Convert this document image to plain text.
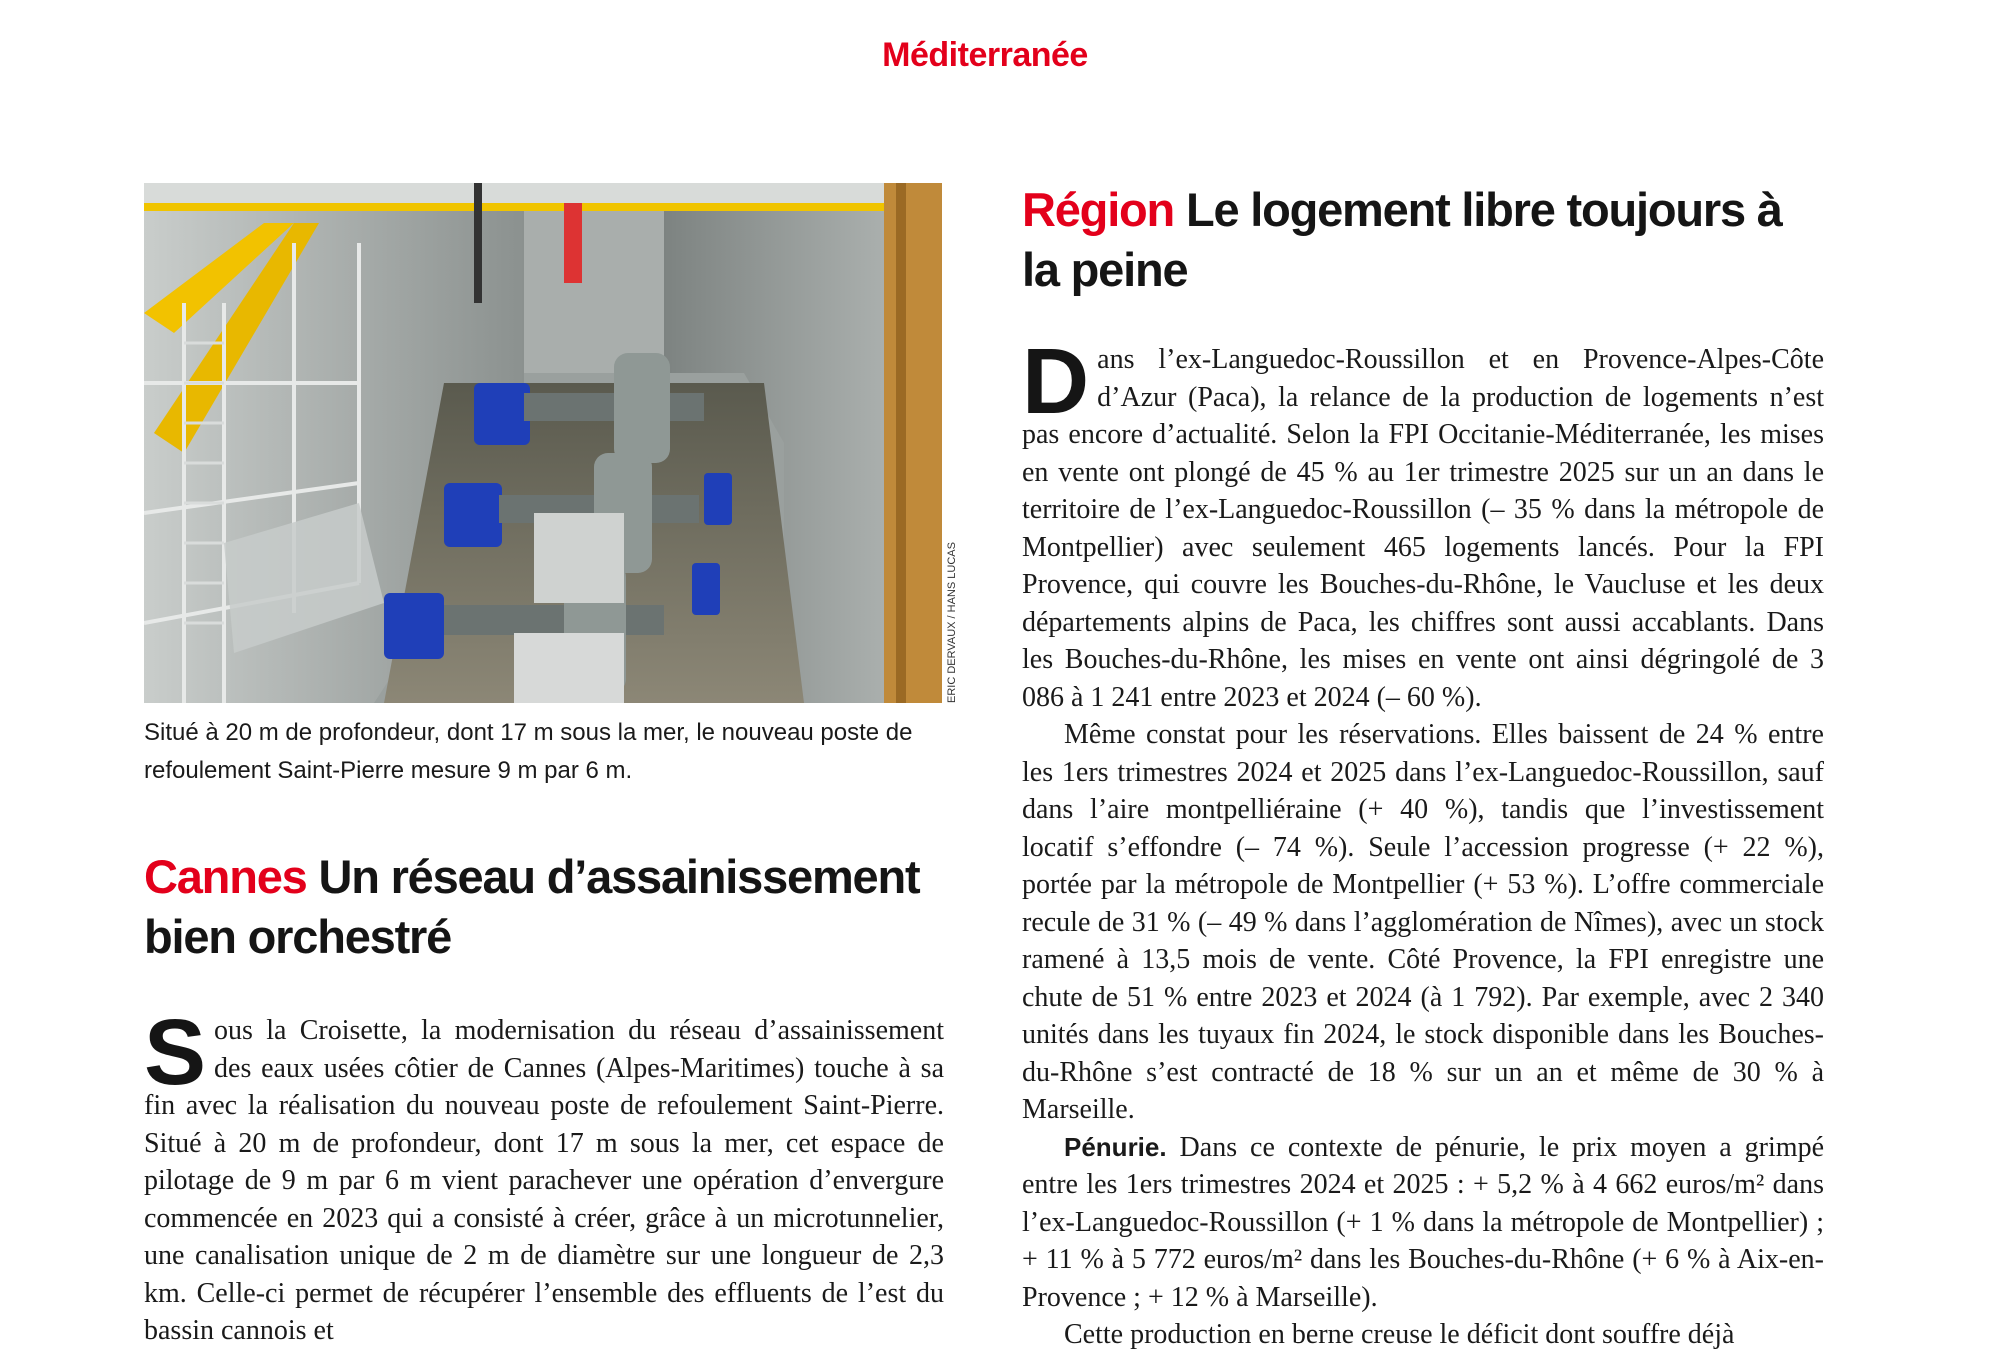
Méditerranée
ERIC DERVAUX / HANS LUCAS
Situé à 20 m de profondeur, dont 17 m sous la mer, le nouveau poste de refoulement Saint-Pierre mesure 9 m par 6 m.
Cannes Un réseau d’assainissement bien orchestré
S ous la Croisette, la modernisation du réseau d’assainissement des eaux usées côtier de Cannes (Alpes-Maritimes) touche à sa fin avec la réalisation du nouveau poste de refoulement Saint-Pierre. Situé à 20 m de profondeur, dont 17 m sous la mer, cet espace de pilotage de 9 m par 6 m vient parachever une opération d’envergure commencée en 2023 qui a consisté à créer, grâce à un microtunnelier, une canalisation unique de 2 m de diamètre sur une longueur de 2,3 km. Celle-ci permet de récupérer l’ensemble des effluents de l’est du bassin cannois et

Région Le logement libre toujours à la peine
D ans l’ex-Languedoc-Roussillon et en Provence-Alpes-Côte d’Azur (Paca), la relance de la production de logements n’est pas encore d’actualité. Selon la FPI Occitanie-Méditerranée, les mises en vente ont plongé de 45 % au 1er trimestre 2025 sur un an dans le territoire de l’ex-Languedoc-Roussillon (– 35 % dans la métropole de Montpellier) avec seulement 465 logements lancés. Pour la FPI Provence, qui couvre les Bouches-du-Rhône, le Vaucluse et les deux départements alpins de Paca, les chiffres sont aussi accablants. Dans les Bouches-du-Rhône, les mises en vente ont ainsi dégringolé de 3 086 à 1 241 entre 2023 et 2024 (– 60 %).

Même constat pour les réservations. Elles baissent de 24 % entre les 1ers trimestres 2024 et 2025 dans l’ex-Languedoc-Roussillon, sauf dans l’aire montpelliéraine (+ 40 %), tandis que l’investissement locatif s’effondre (– 74 %). Seule l’accession progresse (+ 22 %), portée par la métropole de Montpellier (+ 53 %). L’offre commerciale recule de 31 % (– 49 % dans l’agglomération de Nîmes), avec un stock ramené à 13,5 mois de vente. Côté Provence, la FPI enregistre une chute de 51 % entre 2023 et 2024 (à 1 792). Par exemple, avec 2 340 unités dans les tuyaux fin 2024, le stock disponible dans les Bouches-du-Rhône s’est contracté de 18 % sur un an et même de 30 % à Marseille.

Pénurie. Dans ce contexte de pénurie, le prix moyen a grimpé entre les 1ers trimestres 2024 et 2025 : + 5,2 % à 4 662 euros/m² dans l’ex-Languedoc-Roussillon (+ 1 % dans la métropole de Montpellier) ; + 11 % à 5 772 euros/m² dans les Bouches-du-Rhône (+ 6 % à Aix-en-Provence ; + 12 % à Marseille).

Cette production en berne creuse le déficit dont souffre déjà
